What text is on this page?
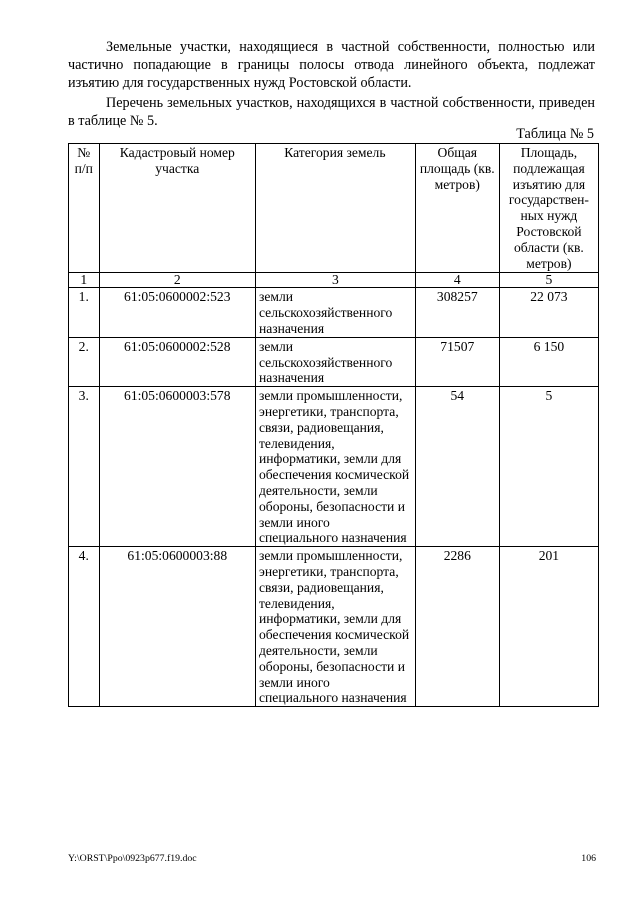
Земельные участки, находящиеся в частной собственности, полностью или частично попадающие в границы полосы отвода линейного объекта, подлежат изъятию для государственных нужд Ростовской области.

Перечень земельных участков, находящихся в частной собственности, приведен в таблице № 5.

Таблица № 5
№ п/п	Кадастровый номер участка	Категория земель	Общая площадь (кв. метров)	Площадь, подлежащая изъятию для государствен-ных нужд Ростовской области (кв. метров)
1	2	3	4	5
1.	61:05:0600002:523	земли сельскохозяйственного назначения	308257	22 073
2.	61:05:0600002:528	земли сельскохозяйственного назначения	71507	6 150
3.	61:05:0600003:578	земли промышленности, энергетики, транспорта, связи, радиовещания, телевидения, информатики, земли для обеспечения космической деятельности, земли обороны, безопасности и земли иного специального назначения	54	5
4.	61:05:0600003:88	земли промышленности, энергетики, транспорта, связи, радиовещания, телевидения, информатики, земли для обеспечения космической деятельности, земли обороны, безопасности и земли иного специального назначения	2286	201
Y:\ORST\Ppo\0923p677.f19.doc	106
